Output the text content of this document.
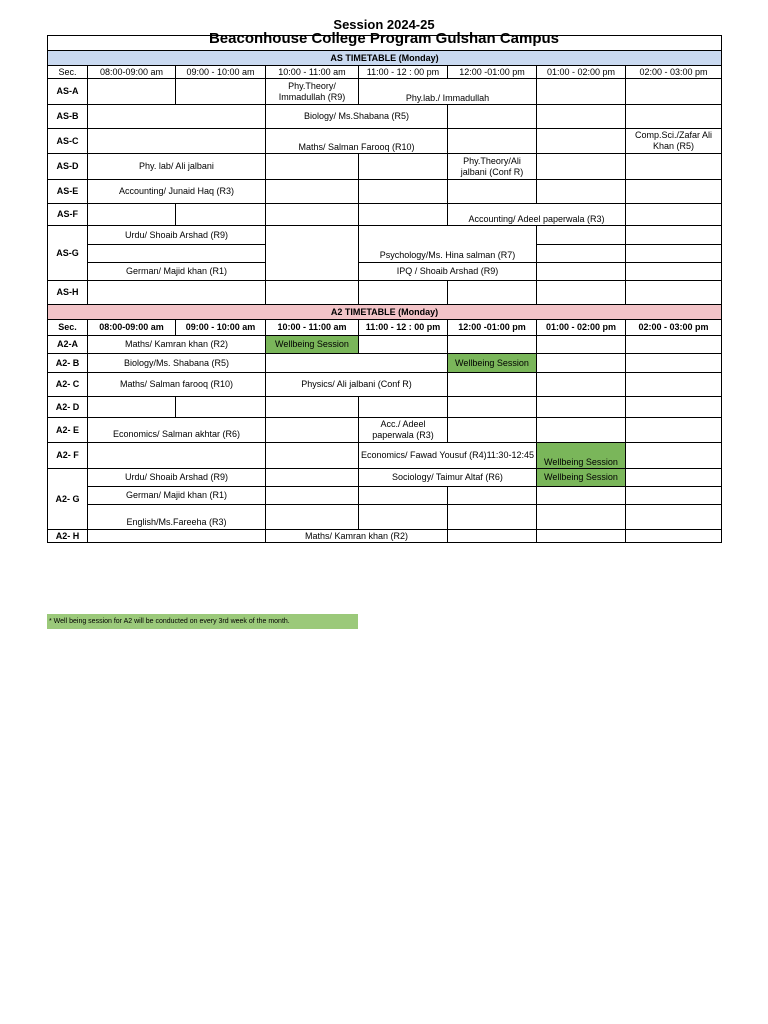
Session 2024-25
Beaconhouse College Program Gulshan Campus

AS TIMETABLE (Monday)							
Sec.	08:00-09:00 am	09:00 - 10:00 am	10:00 - 11:00 am	11:00 - 12 : 00 pm	12:00 -01:00 pm	01:00 - 02:00 pm	02:00 - 03:00 pm
AS-A			Phy.Theory/ Immadullah (R9)	Phy.lab./ Immadullah			
AS-B			Biology/ Ms.Shabana (R5)				
AS-C			Maths/ Salman Farooq (R10)				Comp.Sci./Zafar Ali Khan (R5)
AS-D	Phy. lab/ Ali jalbani				Phy.Theory/Ali jalbani (Conf R)		
AS-E	Accounting/ Junaid Haq (R3)						
AS-F					Accounting/ Adeel paperwala (R3)		
AS-G	Urdu/ Shoaib Arshad (R9)			Psychology/Ms. Hina salman (R7)			

	German/ Majid khan (R1)			IPQ / Shoaib Arshad (R9)			
AS-H							
A2 TIMETABLE (Monday)							
Sec.	08:00-09:00 am	09:00 - 10:00 am	10:00 - 11:00 am	11:00 - 12 : 00 pm	12:00 -01:00 pm	01:00 - 02:00 pm	02:00 - 03:00 pm
A2-A	Maths/ Kamran khan (R2)		Wellbeing Session				
A2- B	Biology/Ms. Shabana (R5)				Wellbeing Session		
A2- C	Maths/ Salman farooq (R10)		Physics/ Ali jalbani (Conf R)				
A2- D							
A2- E	Economics/ Salman akhtar (R6)			Acc./ Adeel paperwala (R3)			
A2- F				Economics/ Fawad Yousuf (R4)11:30-12:45		Wellbeing Session	
A2- G	Urdu/ Shoaib Arshad (R9)			Sociology/ Taimur Altaf (R6)		Wellbeing Session	
	German/ Majid khan (R1)						
	English/Ms.Fareeha (R3)						
A2- H			Maths/ Kamran khan (R2)				
* Well being session for A2 will be conducted on every 3rd week of the month.
